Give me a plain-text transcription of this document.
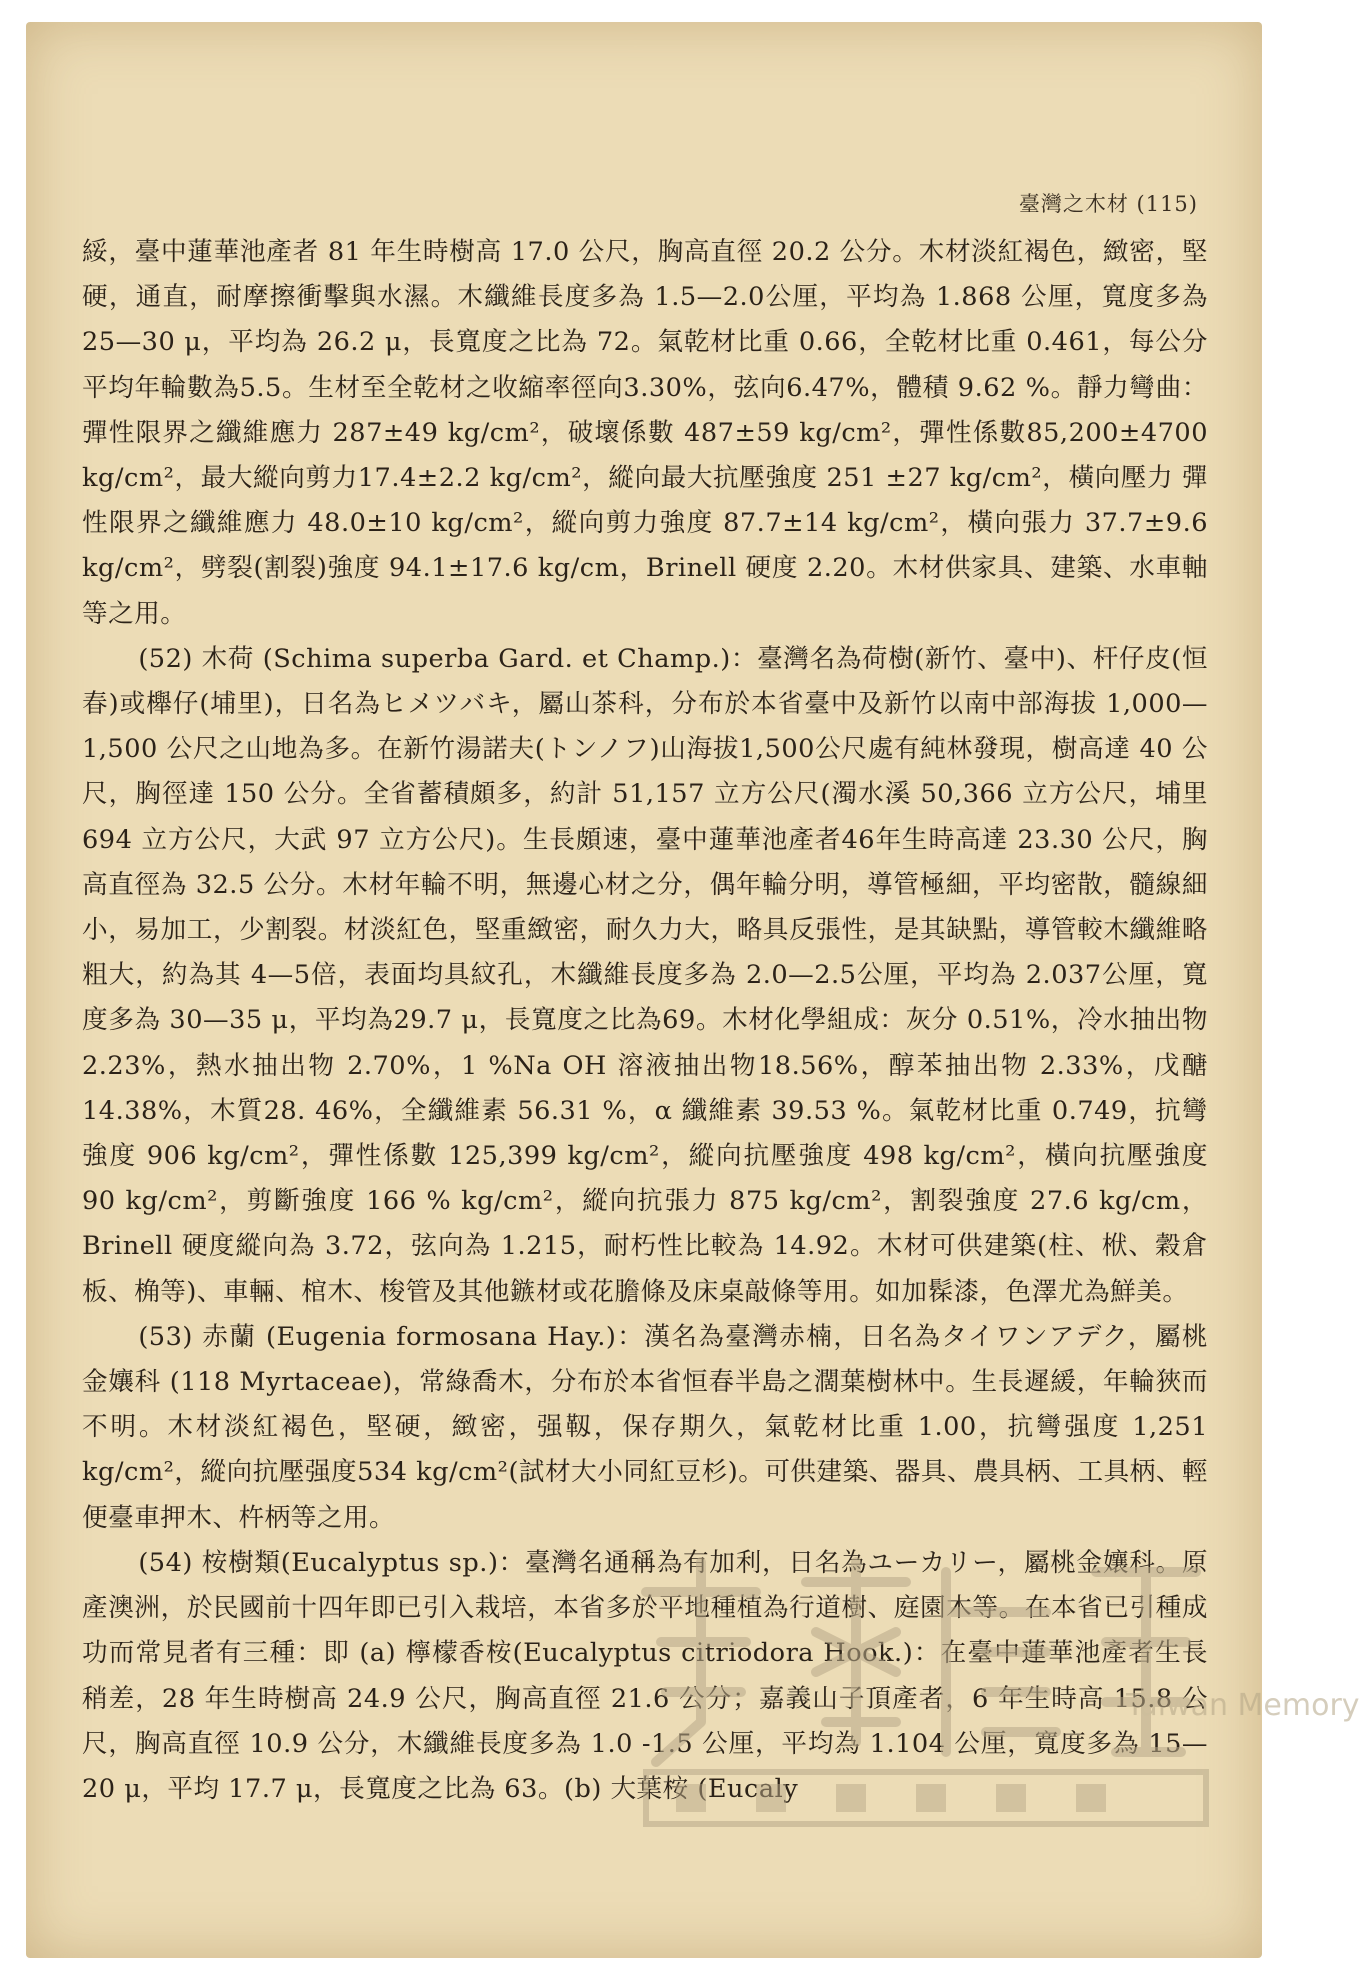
臺灣之木材 (115)

綏，臺中蓮華池產者 81 年生時樹高 17.0 公尺，胸高直徑 20.2 公分。木材淡紅褐色，緻密，堅硬，通直，耐摩擦衝擊與水濕。木纖維長度多為 1.5—2.0公厘，平均為 1.868 公厘，寬度多為 25—30 μ，平均為 26.2 μ，長寬度之比為 72。氣乾材比重 0.66，全乾材比重 0.461，每公分平均年輪數為5.5。生材至全乾材之收縮率徑向3.30%，弦向6.47%，體積 9.62 %。靜力彎曲：彈性限界之纖維應力 287±49 kg/cm²，破壞係數 487±59 kg/cm²，彈性係數85,200±4700 kg/cm²，最大縱向剪力17.4±2.2 kg/cm²，縱向最大抗壓強度 251 ±27 kg/cm²，橫向壓力 彈性限界之纖維應力 48.0±10 kg/cm²，縱向剪力強度 87.7±14 kg/cm²，橫向張力 37.7±9.6 kg/cm²，劈裂(割裂)強度 94.1±17.6 kg/cm，Brinell 硬度 2.20。木材供家具、建築、水車軸等之用。

(52) 木荷 (Schima superba Gard. et Champ.)：臺灣名為荷樹(新竹、臺中)、杆仔皮(恒春)或櫸仔(埔里)，日名為ヒメツバキ，屬山茶科，分布於本省臺中及新竹以南中部海拔 1,000—1,500 公尺之山地為多。在新竹湯諾夫(トンノフ)山海拔1,500公尺處有純林發現，樹高達 40 公尺，胸徑達 150 公分。全省蓄積頗多，約計 51,157 立方公尺(濁水溪 50,366 立方公尺，埔里 694 立方公尺，大武 97 立方公尺)。生長頗速，臺中蓮華池產者46年生時高達 23.30 公尺，胸高直徑為 32.5 公分。木材年輪不明，無邊心材之分，偶年輪分明，導管極細，平均密散，髓線細小，易加工，少割裂。材淡紅色，堅重緻密，耐久力大，略具反張性，是其缺點，導管較木纖維略粗大，約為其 4—5倍，表面均具紋孔，木纖維長度多為 2.0—2.5公厘，平均為 2.037公厘，寬度多為 30—35 μ，平均為29.7 μ，長寬度之比為69。木材化學組成：灰分 0.51%，冷水抽出物2.23%，熱水抽出物 2.70%，1 %Na OH 溶液抽出物18.56%，醇苯抽出物 2.33%，戊醣14.38%，木質28. 46%，全纖維素 56.31 %，α 纖維素 39.53 %。氣乾材比重 0.749，抗彎強度 906 kg/cm²，彈性係數 125,399 kg/cm²，縱向抗壓強度 498 kg/cm²，橫向抗壓強度 90 kg/cm²，剪斷強度 166 % kg/cm²，縱向抗張力 875 kg/cm²，割裂強度 27.6 kg/cm，Brinell 硬度縱向為 3.72，弦向為 1.215，耐朽性比較為 14.92。木材可供建築(柱、栿、穀倉板、桷等)、車輛、棺木、梭管及其他鏃材或花膽條及床桌敲條等用。如加髹漆，色澤尤為鮮美。

(53) 赤蘭 (Eugenia formosana Hay.)：漢名為臺灣赤楠，日名為タイワンアデク，屬桃金孃科 (118 Myrtaceae)，常綠喬木，分布於本省恒春半島之濶葉樹林中。生長遲緩，年輪狹而不明。木材淡紅褐色，堅硬，緻密，强靱，保存期久，氣乾材比重 1.00，抗彎强度 1,251 kg/cm²，縱向抗壓强度534 kg/cm²(試材大小同紅豆杉)。可供建築、器具、農具柄、工具柄、輕便臺車押木、杵柄等之用。

(54) 桉樹類(Eucalyptus sp.)：臺灣名通稱為有加利，日名為ユーカリー，屬桃金孃科。原產澳洲，於民國前十四年即已引入栽培，本省多於平地種植為行道樹、庭園木等。在本省已引種成功而常見者有三種：即 (a) 檸檬香桉(Eucalyptus citriodora Hook.)：在臺中蓮華池產者生長稍差，28 年生時樹高 24.9 公尺，胸高直徑 21.6 公分；嘉義山子頂產者，6 年生時高 15.8 公尺，胸高直徑 10.9 公分，木纖維長度多為 1.0 -1.5 公厘，平均為 1.104 公厘，寬度多為 15—20 μ，平均 17.7 μ，長寬度之比為 63。(b) 大葉桉 (Eucaly

Taiwan Memory
